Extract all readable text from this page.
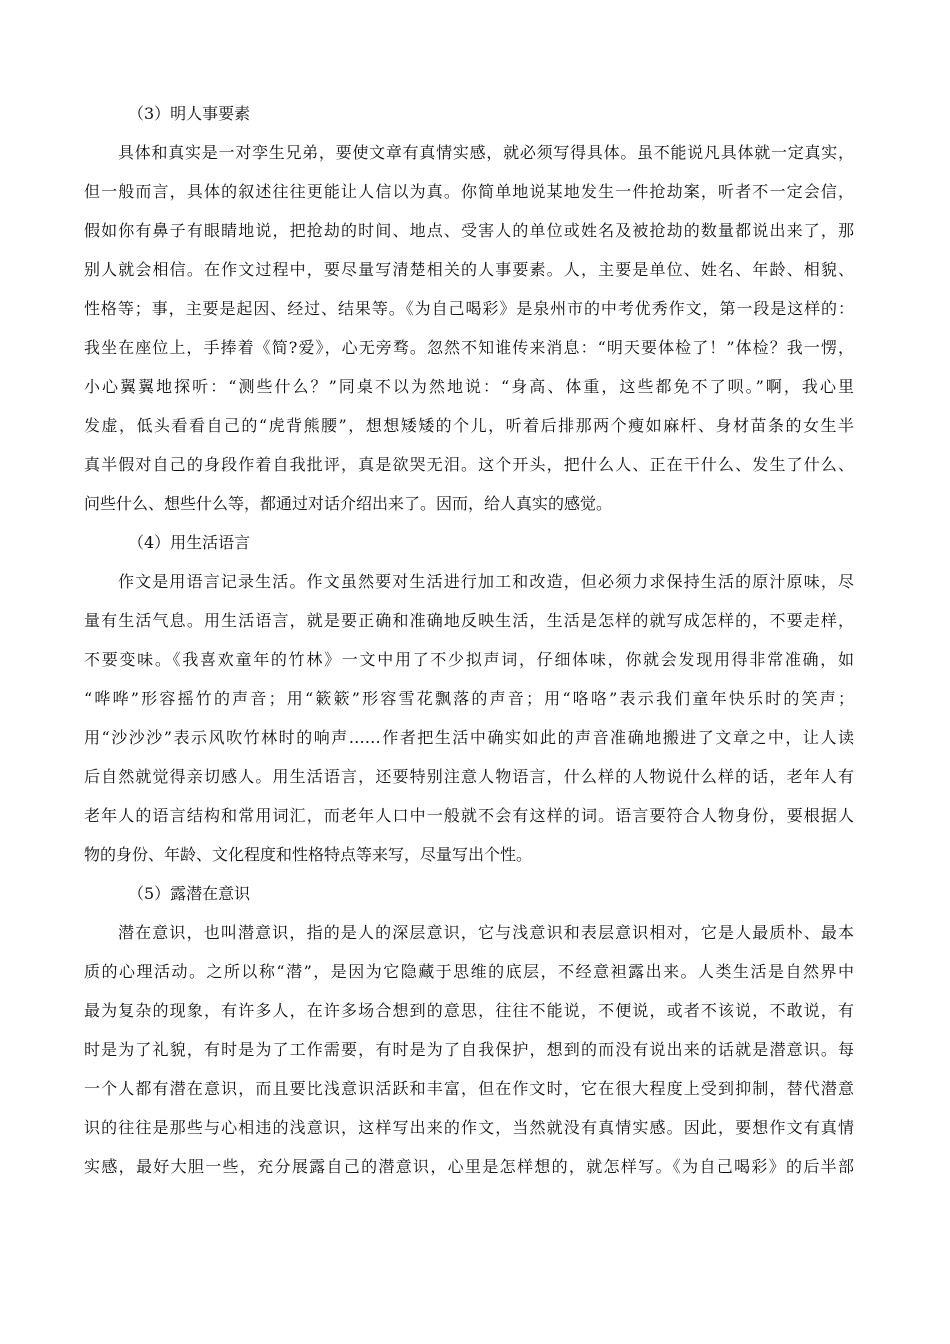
（3）明人事要素
具体和真实是一对孪生兄弟，要使文章有真情实感，就必须写得具体。虽不能说凡具体就一定真实，
但一般而言，具体的叙述往往更能让人信以为真。你简单地说某地发生一件抢劫案，听者不一定会信，
假如你有鼻子有眼睛地说，把抢劫的时间、地点、受害人的单位或姓名及被抢劫的数量都说出来了，那
别人就会相信。在作文过程中，要尽量写清楚相关的人事要素。人，主要是单位、姓名、年龄、相貌、
性格等；事，主要是起因、经过、结果等。《为自己喝彩》是泉州市的中考优秀作文，第一段是这样的：
我坐在座位上，手捧着《简?爱》，心无旁骛。忽然不知谁传来消息：“明天要体检了！”体检？我一愣，
小心翼翼地探听：“测些什么？”同桌不以为然地说：“身高、体重，这些都免不了呗。”啊，我心里
发虚，低头看看自己的“虎背熊腰”，想想矮矮的个儿，听着后排那两个瘦如麻杆、身材苗条的女生半
真半假对自己的身段作着自我批评，真是欲哭无泪。这个开头，把什么人、正在干什么、发生了什么、
问些什么、想些什么等，都通过对话介绍出来了。因而，给人真实的感觉。
（4）用生活语言
作文是用语言记录生活。作文虽然要对生活进行加工和改造，但必须力求保持生活的原汁原味，尽
量有生活气息。用生活语言，就是要正确和准确地反映生活，生活是怎样的就写成怎样的，不要走样，
不要变味。《我喜欢童年的竹林》一文中用了不少拟声词，仔细体味，你就会发现用得非常准确，如
“哗哗”形容摇竹的声音；用“簌簌”形容雪花飘落的声音；用“咯咯”表示我们童年快乐时的笑声；
用“沙沙沙”表示风吹竹林时的响声……作者把生活中确实如此的声音准确地搬进了文章之中，让人读
后自然就觉得亲切感人。用生活语言，还要特别注意人物语言，什么样的人物说什么样的话，老年人有
老年人的语言结构和常用词汇，而老年人口中一般就不会有这样的词。语言要符合人物身份，要根据人
物的身份、年龄、文化程度和性格特点等来写，尽量写出个性。
（5）露潜在意识
潜在意识，也叫潜意识，指的是人的深层意识，它与浅意识和表层意识相对，它是人最质朴、最本
质的心理活动。之所以称“潜”，是因为它隐藏于思维的底层，不经意袒露出来。人类生活是自然界中
最为复杂的现象，有许多人，在许多场合想到的意思，往往不能说，不便说，或者不该说，不敢说，有
时是为了礼貌，有时是为了工作需要，有时是为了自我保护，想到的而没有说出来的话就是潜意识。每
一个人都有潜在意识，而且要比浅意识活跃和丰富，但在作文时，它在很大程度上受到抑制，替代潜意
识的往往是那些与心相违的浅意识，这样写出来的作文，当然就没有真情实感。因此，要想作文有真情
实感，最好大胆一些，充分展露自己的潜意识，心里是怎样想的，就怎样写。《为自己喝彩》的后半部
